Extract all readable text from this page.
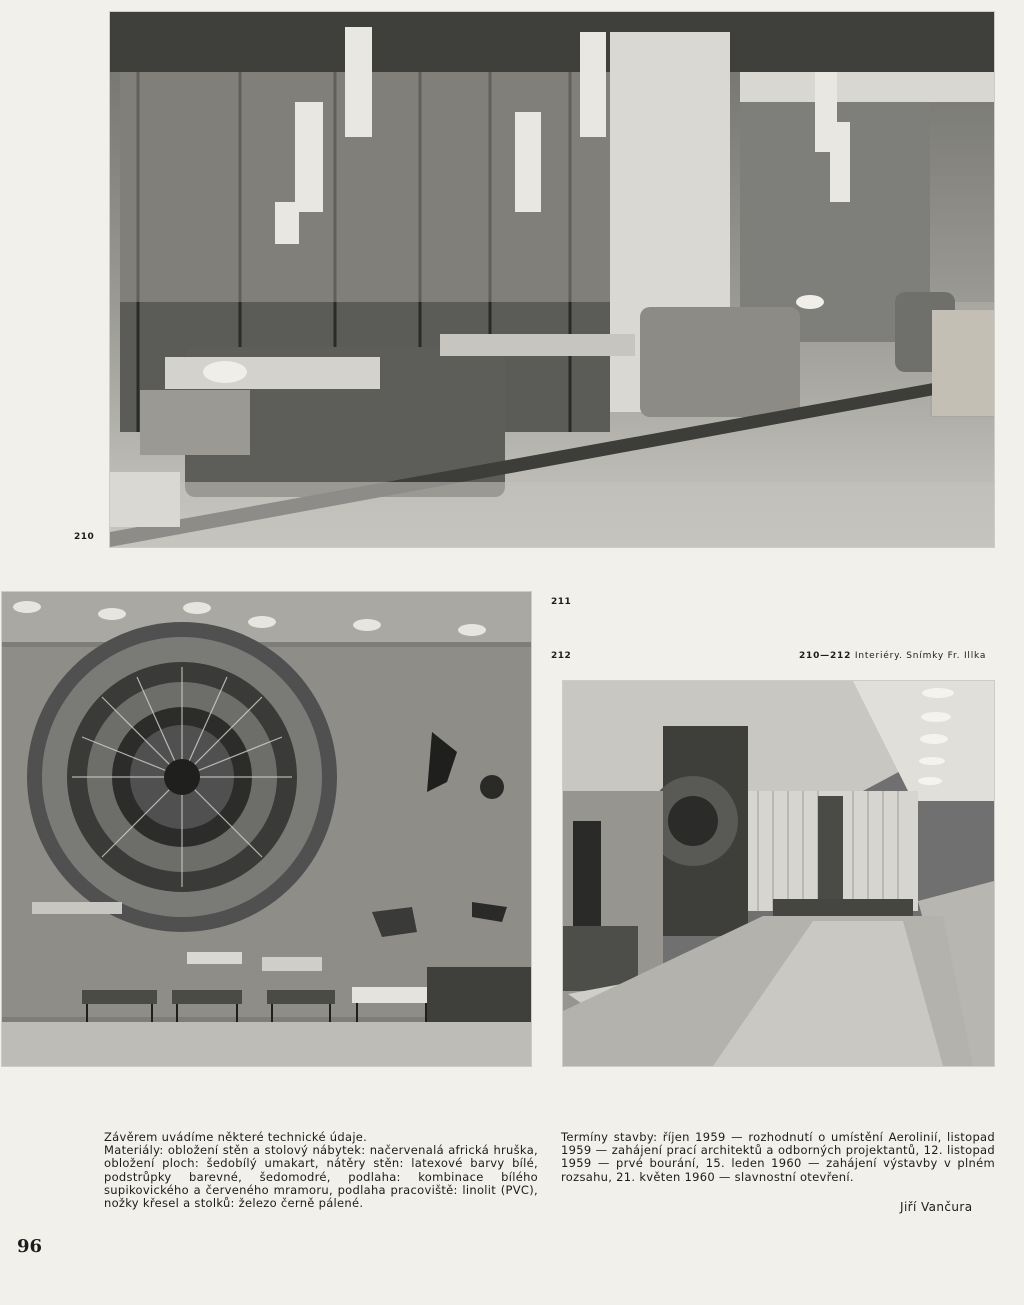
210
211
212	210—212 Interiéry. Snímky Fr. Illka

Závěrem uvádíme některé technické údaje.

Materiály: obložení stěn a stolový nábytek: načervenalá africká hruška, obložení ploch: šedobílý umakart, nátěry stěn: latexové barvy bílé, podstrůpky barevné, šedomodré, podlaha: kombinace bílého supikovického a červeného mramoru, podlaha pracoviště: linolit (PVC), nožky křesel a stolků: železo černě pálené.

Termíny stavby: říjen 1959 — rozhodnutí o umístění Aerolinií, listopad 1959 — zahájení prací architektů a odborných projektantů, 12. listopad 1959 — prvé bourání, 15. leden 1960 — zahájení výstavby v plném rozsahu, 21. květen 1960 — slavnostní otevření.

Jiří Vančura
96
